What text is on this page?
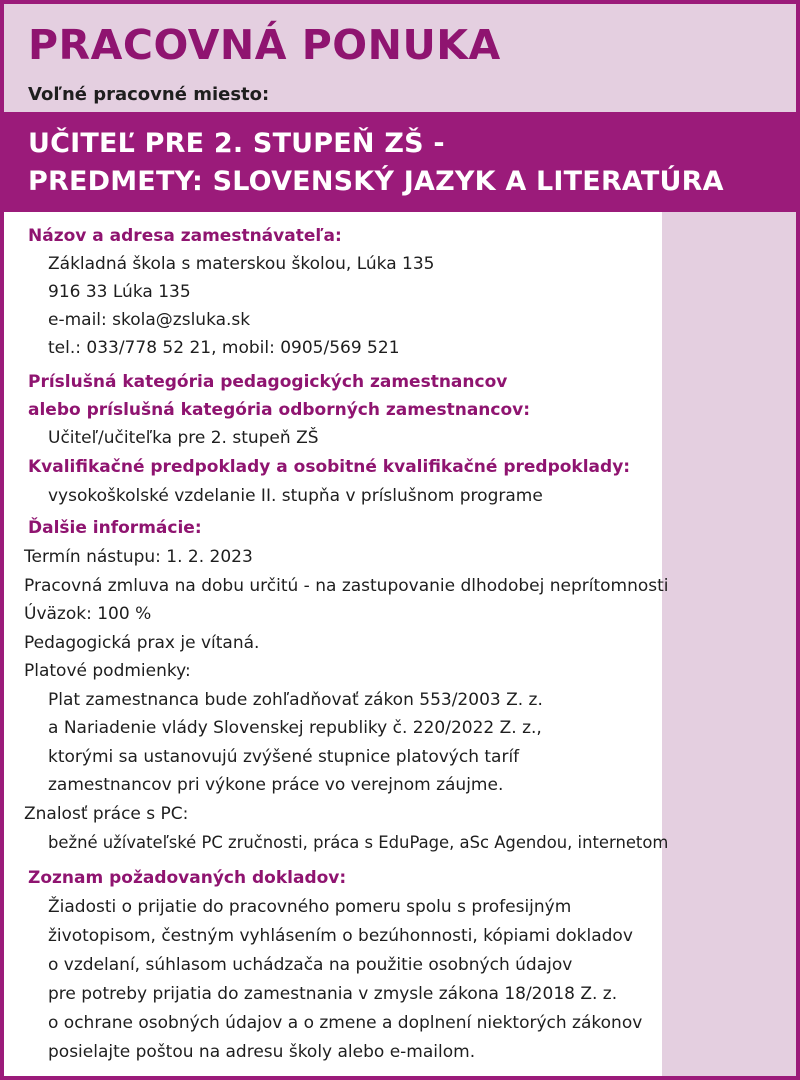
PRACOVNÁ PONUKA
Voľné pracovné miesto:
UČITEĽ PRE 2. STUPEŇ ZŠ -
PREDMETY: SLOVENSKÝ JAZYK A LITERATÚRA
Názov a adresa zamestnávateľa:
Základná škola s materskou školou, Lúka 135
916 33 Lúka 135
e-mail: skola@zsluka.sk
tel.: 033/778 52 21, mobil: 0905/569 521
Príslušná kategória pedagogických zamestnancov
alebo príslušná kategória odborných zamestnancov:
Učiteľ/učiteľka pre 2. stupeň ZŠ
Kvalifikačné predpoklady a osobitné kvalifikačné predpoklady:
vysokoškolské vzdelanie II. stupňa v príslušnom programe
Ďalšie informácie:
Termín nástupu: 1. 2. 2023
Pracovná zmluva na dobu určitú - na zastupovanie dlhodobej neprítomnosti
Úväzok: 100 %
Pedagogická prax je vítaná.
Platové podmienky:
Plat zamestnanca bude zohľadňovať zákon 553/2003 Z. z.
a Nariadenie vlády Slovenskej republiky č. 220/2022 Z. z.,
ktorými sa ustanovujú zvýšené stupnice platových taríf
zamestnancov pri výkone práce vo verejnom záujme.
Znalosť práce s PC:
bežné užívateľské PC zručnosti, práca s EduPage, aSc Agendou, internetom
Zoznam požadovaných dokladov:
Žiadosti o prijatie do pracovného pomeru spolu s profesijným
životopisom, čestným vyhlásením o bezúhonnosti, kópiami dokladov
o vzdelaní, súhlasom uchádzača na použitie osobných údajov
pre potreby prijatia do zamestnania v zmysle zákona 18/2018 Z. z.
o ochrane osobných údajov a o zmene a doplnení niektorých zákonov
posielajte poštou na adresu školy alebo e-mailom.
